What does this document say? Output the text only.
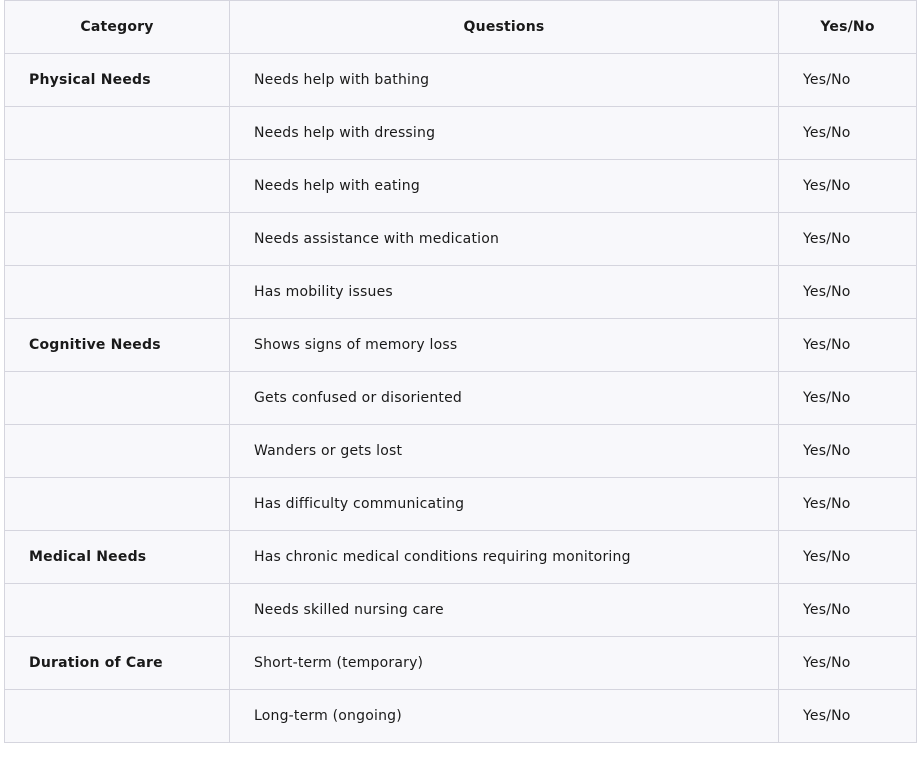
Category	Questions	Yes/No
Physical Needs	Needs help with bathing	Yes/No
	Needs help with dressing	Yes/No
	Needs help with eating	Yes/No
	Needs assistance with medication	Yes/No
	Has mobility issues	Yes/No
Cognitive Needs	Shows signs of memory loss	Yes/No
	Gets confused or disoriented	Yes/No
	Wanders or gets lost	Yes/No
	Has difficulty communicating	Yes/No
Medical Needs	Has chronic medical conditions requiring monitoring	Yes/No
	Needs skilled nursing care	Yes/No
Duration of Care	Short-term (temporary)	Yes/No
	Long-term (ongoing)	Yes/No
